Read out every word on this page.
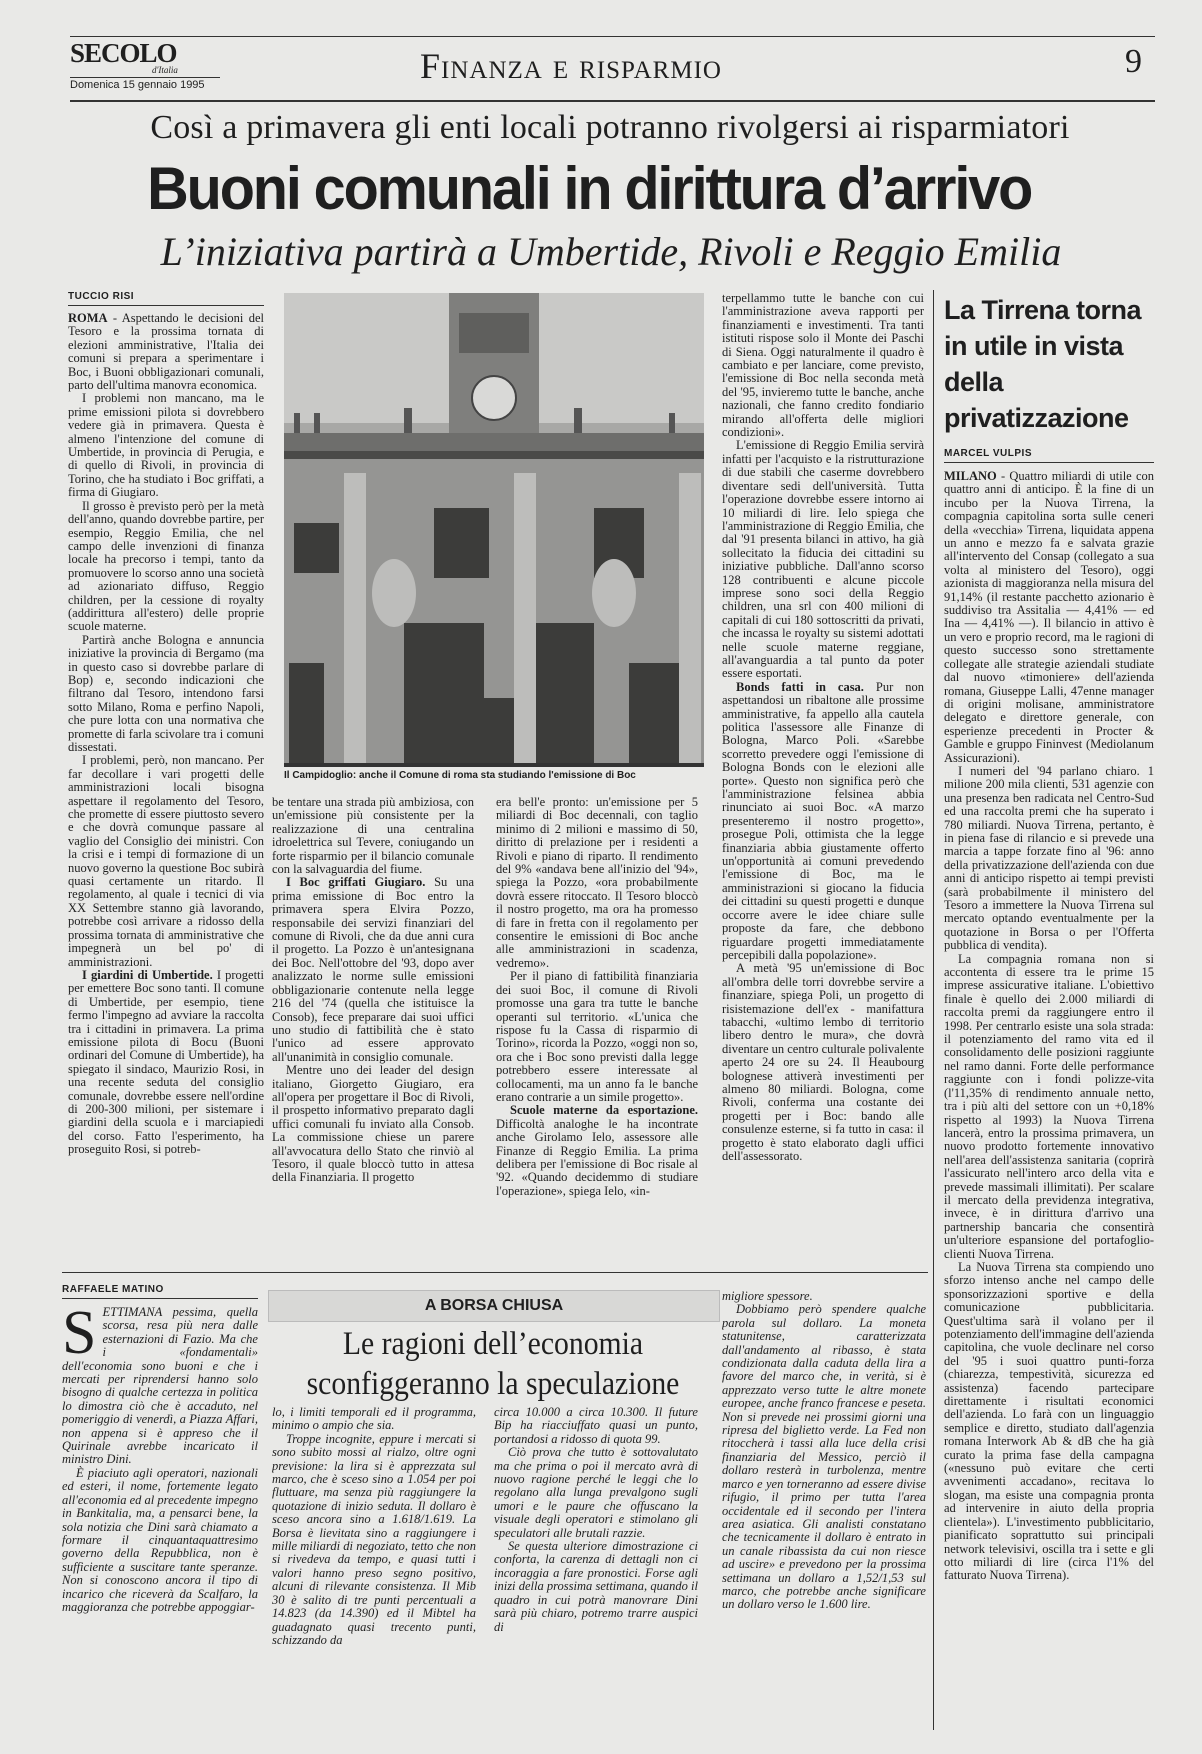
SECOLO
d'Italia
Domenica 15 gennaio 1995	Finanza e risparmio	9
Così a primavera gli enti locali potranno rivolgersi ai risparmiatori
Buoni comunali in dirittura d’arrivo
L’iniziativa partirà a Umbertide, Rivoli e Reggio Emilia
TUCCIO RISI

ROMA - Aspettando le decisioni del Tesoro e la prossima tornata di elezioni amministrative, l'Italia dei comuni si prepara a sperimentare i Boc, i Buoni obbligazionari comunali, parto dell'ultima manovra economica.

I problemi non mancano, ma le prime emissioni pilota si dovrebbero vedere già in primavera. Questa è almeno l'intenzione del comune di Umbertide, in provincia di Perugia, e di quello di Rivoli, in provincia di Torino, che ha studiato i Boc griffati, a firma di Giugiaro.

Il grosso è previsto però per la metà dell'anno, quando dovrebbe partire, per esempio, Reggio Emilia, che nel campo delle invenzioni di finanza locale ha precorso i tempi, tanto da promuovere lo scorso anno una società ad azionariato diffuso, Reggio children, per la cessione di royalty (addirittura all'estero) delle proprie scuole materne.

Partirà anche Bologna e annuncia iniziative la provincia di Bergamo (ma in questo caso si dovrebbe parlare di Bop) e, secondo indicazioni che filtrano dal Tesoro, intendono farsi sotto Milano, Roma e perfino Napoli, che pure lotta con una normativa che promette di farla scivolare tra i comuni dissestati.

I problemi, però, non mancano. Per far decollare i vari progetti delle amministrazioni locali bisogna aspettare il regolamento del Tesoro, che promette di essere piuttosto severo e che dovrà comunque passare al vaglio del Consiglio dei ministri. Con la crisi e i tempi di formazione di un nuovo governo la questione Boc subirà quasi certamente un ritardo. Il regolamento, al quale i tecnici di via XX Settembre stanno già lavorando, potrebbe così arrivare a ridosso della prossima tornata di amministrative che impegnerà un bel po' di amministrazioni.

I giardini di Umbertide. I progetti per emettere Boc sono tanti. Il comune di Umbertide, per esempio, tiene fermo l'impegno ad avviare la raccolta tra i cittadini in primavera. La prima emissione pilota di Bocu (Buoni ordinari del Comune di Umbertide), ha spiegato il sindaco, Maurizio Rosi, in una recente seduta del consiglio comunale, dovrebbe essere nell'ordine di 200-300 milioni, per sistemare i giardini della scuola e i marciapiedi del corso. Fatto l'esperimento, ha proseguito Rosi, si potreb-

Il Campidoglio: anche il Comune di roma sta studiando l'emissione di Boc

be tentare una strada più ambiziosa, con un'emissione più consistente per la realizzazione di una centralina idroelettrica sul Tevere, coniugando un forte risparmio per il bilancio comunale con la salvaguardia del fiume.

I Boc griffati Giugiaro. Su una prima emissione di Boc entro la primavera spera Elvira Pozzo, responsabile dei servizi finanziari del comune di Rivoli, che da due anni cura il progetto. La Pozzo è un'antesignana dei Boc. Nell'ottobre del '93, dopo aver analizzato le norme sulle emissioni obbligazionarie contenute nella legge 216 del '74 (quella che istituisce la Consob), fece preparare dai suoi uffici uno studio di fattibilità che è stato l'unico ad essere approvato all'unanimità in consiglio comunale.

Mentre uno dei leader del design italiano, Giorgetto Giugiaro, era all'opera per progettare il Boc di Rivoli, il prospetto informativo preparato dagli uffici comunali fu inviato alla Consob. La commissione chiese un parere all'avvocatura dello Stato che rinviò al Tesoro, il quale bloccò tutto in attesa della Finanziaria. Il progetto

era bell'e pronto: un'emissione per 5 miliardi di Boc decennali, con taglio minimo di 2 milioni e massimo di 50, diritto di prelazione per i residenti a Rivoli e piano di riparto. Il rendimento del 9% «andava bene all'inizio del '94», spiega la Pozzo, «ora probabilmente dovrà essere ritoccato. Il Tesoro bloccò il nostro progetto, ma ora ha promesso di fare in fretta con il regolamento per consentire le emissioni di Boc anche alle amministrazioni in scadenza, vedremo».

Per il piano di fattibilità finanziaria dei suoi Boc, il comune di Rivoli promosse una gara tra tutte le banche operanti sul territorio. «L'unica che rispose fu la Cassa di risparmio di Torino», ricorda la Pozzo, «oggi non so, ora che i Boc sono previsti dalla legge potrebbero essere interessate al collocamenti, ma un anno fa le banche erano contrarie a un simile progetto».

Scuole materne da esportazione. Difficoltà analoghe le ha incontrate anche Girolamo Ielo, assessore alle Finanze di Reggio Emilia. La prima delibera per l'emissione di Boc risale al '92. «Quando decidemmo di studiare l'operazione», spiega Ielo, «in-

terpellammo tutte le banche con cui l'amministrazione aveva rapporti per finanziamenti e investimenti. Tra tanti istituti rispose solo il Monte dei Paschi di Siena. Oggi naturalmente il quadro è cambiato e per lanciare, come previsto, l'emissione di Boc nella seconda metà del '95, invieremo tutte le banche, anche nazionali, che fanno credito fondiario mirando all'offerta delle migliori condizioni».

L'emissione di Reggio Emilia servirà infatti per l'acquisto e la ristrutturazione di due stabili che caserme dovrebbero diventare sedi dell'università. Tutta l'operazione dovrebbe essere intorno ai 10 miliardi di lire. Ielo spiega che l'amministrazione di Reggio Emilia, che dal '91 presenta bilanci in attivo, ha già sollecitato la fiducia dei cittadini su iniziative pubbliche. Dall'anno scorso 128 contribuenti e alcune piccole imprese sono soci della Reggio children, una srl con 400 milioni di capitali di cui 180 sottoscritti da privati, che incassa le royalty su sistemi adottati nelle scuole materne reggiane, all'avanguardia a tal punto da poter essere esportati.

Bonds fatti in casa. Pur non aspettandosi un ribaltone alle prossime amministrative, fa appello alla cautela politica l'assessore alle Finanze di Bologna, Marco Poli. «Sarebbe scorretto prevedere oggi l'emissione di Bologna Bonds con le elezioni alle porte». Questo non significa però che l'amministrazione felsinea abbia rinunciato ai suoi Boc. «A marzo presenteremo il nostro progetto», prosegue Poli, ottimista che la legge finanziaria abbia giustamente offerto un'opportunità ai comuni prevedendo l'emissione di Boc, ma le amministrazioni si giocano la fiducia dei cittadini su questi progetti e dunque occorre avere le idee chiare sulle proposte da fare, che debbono riguardare progetti immediatamente percepibili dalla popolazione».

A metà '95 un'emissione di Boc all'ombra delle torri dovrebbe servire a finanziare, spiega Poli, un progetto di risistemazione dell'ex - manifattura tabacchi, «ultimo lembo di territorio libero dentro le mura», che dovrà diventare un centro culturale polivalente aperto 24 ore su 24. Il Heaubourg bolognese attiverà investimenti per almeno 80 miliardi. Bologna, come Rivoli, conferma una costante dei progetti per i Boc: bando alle consulenze esterne, si fa tutto in casa: il progetto è stato elaborato dagli uffici dell'assessorato.

La Tirrena torna in utile in vista della privatizzazione
MARCEL VULPIS

MILANO - Quattro miliardi di utile con quattro anni di anticipo. È la fine di un incubo per la Nuova Tirrena, la compagnia capitolina sorta sulle ceneri della «vecchia» Tirrena, liquidata appena un anno e mezzo fa e salvata grazie all'intervento del Consap (collegato a sua volta al ministero del Tesoro), oggi azionista di maggioranza nella misura del 91,14% (il restante pacchetto azionario è suddiviso tra Assitalia — 4,41% — ed Ina — 4,41% —). Il bilancio in attivo è un vero e proprio record, ma le ragioni di questo successo sono strettamente collegate alle strategie aziendali studiate dal nuovo «timoniere» dell'azienda romana, Giuseppe Lalli, 47enne manager di origini molisane, amministratore delegato e direttore generale, con esperienze precedenti in Procter & Gamble e gruppo Fininvest (Mediolanum Assicurazioni).

I numeri del '94 parlano chiaro. 1 milione 200 mila clienti, 531 agenzie con una presenza ben radicata nel Centro-Sud ed una raccolta premi che ha superato i 780 miliardi. Nuova Tirrena, pertanto, è in piena fase di rilancio e si prevede una marcia a tappe forzate fino al '96: anno della privatizzazione dell'azienda con due anni di anticipo rispetto ai tempi previsti (sarà probabilmente il ministero del Tesoro a immettere la Nuova Tirrena sul mercato optando eventualmente per la quotazione in Borsa o per l'Offerta pubblica di vendita).

La compagnia romana non si accontenta di essere tra le prime 15 imprese assicurative italiane. L'obiettivo finale è quello dei 2.000 miliardi di raccolta premi da raggiungere entro il 1998. Per centrarlo esiste una sola strada: il potenziamento del ramo vita ed il consolidamento delle posizioni raggiunte nel ramo danni. Forte delle performance raggiunte con i fondi polizze-vita (l'11,35% di rendimento annuale netto, tra i più alti del settore con un +0,18% rispetto al 1993) la Nuova Tirrena lancerà, entro la prossima primavera, un nuovo prodotto fortemente innovativo nell'area dell'assistenza sanitaria (coprirà l'assicurato nell'intero arco della vita e prevede massimali illimitati). Per scalare il mercato della previdenza integrativa, invece, è in dirittura d'arrivo una partnership bancaria che consentirà un'ulteriore espansione del portafoglio-clienti Nuova Tirrena.

La Nuova Tirrena sta compiendo uno sforzo intenso anche nel campo delle sponsorizzazioni sportive e della comunicazione pubblicitaria. Quest'ultima sarà il volano per il potenziamento dell'immagine dell'azienda capitolina, che vuole declinare nel corso del '95 i suoi quattro punti-forza (chiarezza, tempestività, sicurezza ed assistenza) facendo partecipare direttamente i risultati economici dell'azienda. Lo farà con un linguaggio semplice e diretto, studiato dall'agenzia romana Interwork Ab & dB che ha già curato la prima fase della campagna («nessuno può evitare che certi avvenimenti accadano», recitava lo slogan, ma esiste una compagnia pronta ad intervenire in aiuto della propria clientela»). L'investimento pubblicitario, pianificato soprattutto sui principali network televisivi, oscilla tra i sette e gli otto miliardi di lire (circa l'1% del fatturato Nuova Tirrena).

RAFFAELE MATINO
A BORSA CHIUSA
Le ragioni dell’economia
sconfiggeranno la speculazione

SETTIMANA pessima, quella scorsa, resa più nera dalle esternazioni di Fazio. Ma che i «fondamentali» dell'economia sono buoni e che i mercati per riprendersi hanno solo bisogno di qualche certezza in politica lo dimostra ciò che è accaduto, nel pomeriggio di venerdì, a Piazza Affari, non appena si è appreso che il Quirinale avrebbe incaricato il ministro Dini.

È piaciuto agli operatori, nazionali ed esteri, il nome, fortemente legato all'economia ed al precedente impegno in Bankitalia, ma, a pensarci bene, la sola notizia che Dini sarà chiamato a formare il cinquantaquattresimo governo della Repubblica, non è sufficiente a suscitare tante speranze. Non si conoscono ancora il tipo di incarico che riceverà da Scalfaro, la maggioranza che potrebbe appoggiar-

lo, i limiti temporali ed il programma, minimo o ampio che sia.

Troppe incognite, eppure i mercati si sono subito mossi al rialzo, oltre ogni previsione: la lira si è apprezzata sul marco, che è sceso sino a 1.054 per poi fluttuare, ma senza più raggiungere la quotazione di inizio seduta. Il dollaro è sceso ancora sino a 1.618/1.619. La Borsa è lievitata sino a raggiungere i mille miliardi di negoziato, tetto che non si rivedeva da tempo, e quasi tutti i valori hanno preso segno positivo, alcuni di rilevante consistenza. Il Mib 30 è salito di tre punti percentuali a 14.823 (da 14.390) ed il Mibtel ha guadagnato quasi trecento punti, schizzando da

circa 10.000 a circa 10.300. Il future Bip ha riacciuffato quasi un punto, portandosi a ridosso di quota 99.

Ciò prova che tutto è sottovalutato ma che prima o poi il mercato avrà di nuovo ragione perché le leggi che lo regolano alla lunga prevalgono sugli umori e le paure che offuscano la visuale degli operatori e stimolano gli speculatori alle brutali razzie.

Se questa ulteriore dimostrazione ci conforta, la carenza di dettagli non ci incoraggia a fare pronostici. Forse agli inizi della prossima settimana, quando il quadro in cui potrà manovrare Dini sarà più chiaro, potremo trarre auspici di

migliore spessore.

Dobbiamo però spendere qualche parola sul dollaro. La moneta statunitense, caratterizzata dall'andamento al ribasso, è stata condizionata dalla caduta della lira a favore del marco che, in verità, si è apprezzato verso tutte le altre monete europee, anche franco francese e peseta. Non si prevede nei prossimi giorni una ripresa del biglietto verde. La Fed non ritoccherà i tassi alla luce della crisi finanziaria del Messico, perciò il dollaro resterà in turbolenza, mentre marco e yen torneranno ad essere divise rifugio, il primo per tutta l'area occidentale ed il secondo per l'intera area asiatica. Gli analisti constatano che tecnicamente il dollaro è entrato in un canale ribassista da cui non riesce ad uscire» e prevedono per la prossima settimana un dollaro a 1,52/1,53 sul marco, che potrebbe anche significare un dollaro verso le 1.600 lire.
